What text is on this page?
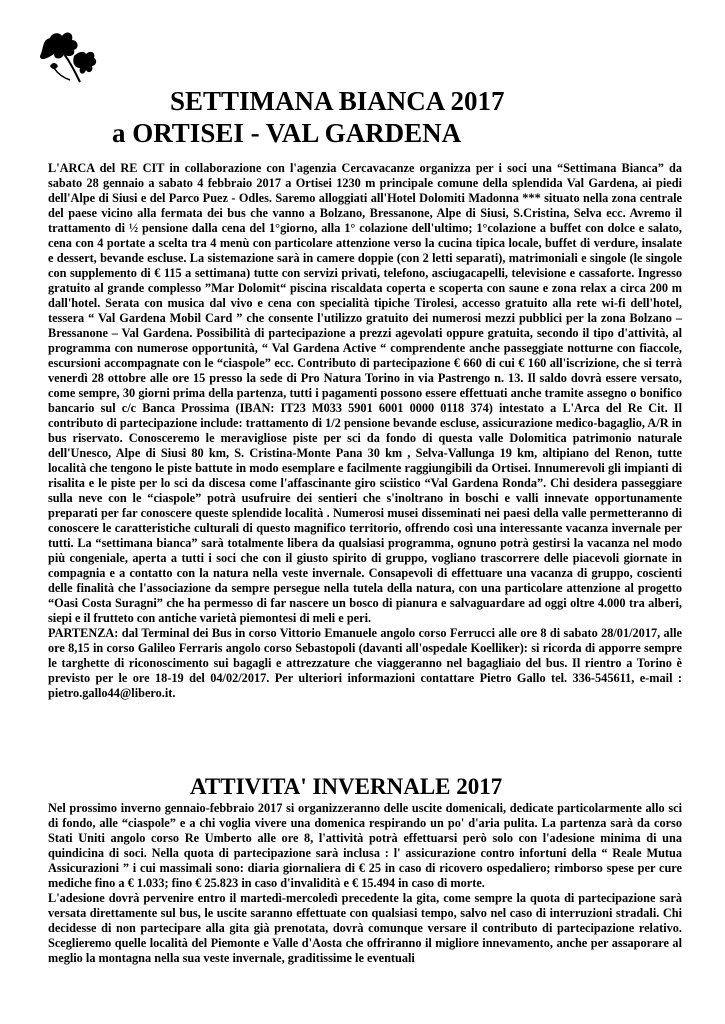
SETTIMANA BIANCA 2017
a ORTISEI - VAL GARDENA

L'ARCA del RE CIT in collaborazione con l'agenzia Cercavacanze organizza per i soci una “Settimana Bianca” da sabato 28 gennaio a sabato 4 febbraio 2017 a Ortisei 1230 m principale comune della splendida Val Gardena, ai piedi dell'Alpe di Siusi e del Parco Puez - Odles. Saremo alloggiati all'Hotel Dolomiti Madonna *** situato nella zona centrale del paese vicino alla fermata dei bus che vanno a Bolzano, Bressanone, Alpe di Siusi, S.Cristina, Selva ecc. Avremo il trattamento di ½ pensione dalla cena del 1°giorno, alla 1° colazione dell'ultimo; 1°colazione a buffet con dolce e salato, cena con 4 portate a scelta tra 4 menù con particolare attenzione verso la cucina tipica locale, buffet di verdure, insalate e dessert, bevande escluse. La sistemazione sarà in camere doppie (con 2 letti separati), matrimoniali e singole (le singole con supplemento di € 115 a settimana) tutte con servizi privati, telefono, asciugacapelli, televisione e cassaforte. Ingresso gratuito al grande complesso ”Mar Dolomit“ piscina riscaldata coperta e scoperta con saune e zona relax a circa 200 m dall'hotel. Serata con musica dal vivo e cena con specialità tipiche Tirolesi, accesso gratuito alla rete wi-fi dell'hotel, tessera “ Val Gardena Mobil Card ” che consente l'utilizzo gratuito dei numerosi mezzi pubblici per la zona Bolzano – Bressanone – Val Gardena. Possibilità di partecipazione a prezzi agevolati oppure gratuita, secondo il tipo d'attività, al programma con numerose opportunità, “ Val Gardena Active “ comprendente anche passeggiate notturne con fiaccole, escursioni accompagnate con le “ciaspole” ecc. Contributo di partecipazione € 660 di cui € 160 all'iscrizione, che si terrà venerdì 28 ottobre alle ore 15 presso la sede di Pro Natura Torino in via Pastrengo n. 13. Il saldo dovrà essere versato, come sempre, 30 giorni prima della partenza, tutti i pagamenti possono essere effettuati anche tramite assegno o bonifico bancario sul c/c Banca Prossima (IBAN: IT23 M033 5901 6001 0000 0118 374) intestato a L'Arca del Re Cit. Il contributo di partecipazione include: trattamento di 1/2 pensione bevande escluse, assicurazione medico-bagaglio, A/R in bus riservato. Conosceremo le meravigliose piste per sci da fondo di questa valle Dolomitica patrimonio naturale dell'Unesco, Alpe di Siusi 80 km, S. Cristina-Monte Pana 30 km , Selva-Vallunga 19 km, altipiano del Renon, tutte località che tengono le piste battute in modo esemplare e facilmente raggiungibili da Ortisei. Innumerevoli gli impianti di risalita e le piste per lo sci da discesa come l'affascinante giro sciistico “Val Gardena Ronda”. Chi desidera passeggiare sulla neve con le “ciaspole” potrà usufruire dei sentieri che s'inoltrano in boschi e valli innevate opportunamente preparati per far conoscere queste splendide località . Numerosi musei disseminati nei paesi della valle permetteranno di conoscere le caratteristiche culturali di questo magnifico territorio, offrendo così una interessante vacanza invernale per tutti. La “settimana bianca” sarà totalmente libera da qualsiasi programma, ognuno potrà gestirsi la vacanza nel modo più congeniale, aperta a tutti i soci che con il giusto spirito di gruppo, vogliano trascorrere delle piacevoli giornate in compagnia e a contatto con la natura nella veste invernale. Consapevoli di effettuare una vacanza di gruppo, coscienti delle finalità che l'associazione da sempre persegue nella tutela della natura, con una particolare attenzione al progetto “Oasi Costa Suragni” che ha permesso di far nascere un bosco di pianura e salvaguardare ad oggi oltre 4.000 tra alberi, siepi e il frutteto con antiche varietà piemontesi di meli e peri.

PARTENZA: dal Terminal dei Bus in corso Vittorio Emanuele angolo corso Ferrucci alle ore 8 di sabato 28/01/2017, alle ore 8,15 in corso Galileo Ferraris angolo corso Sebastopoli (davanti all'ospedale Koelliker): si ricorda di apporre sempre le targhette di riconoscimento sui bagagli e attrezzature che viaggeranno nel bagagliaio del bus. Il rientro a Torino è previsto per le ore 18-19 del 04/02/2017. Per ulteriori informazioni contattare Pietro Gallo tel. 336-545611, e-mail : pietro.gallo44@libero.it.

ATTIVITA' INVERNALE 2017

Nel prossimo inverno gennaio-febbraio 2017 si organizzeranno delle uscite domenicali, dedicate particolarmente allo sci di fondo, alle “ciaspole” e a chi voglia vivere una domenica respirando un po' d'aria pulita. La partenza sarà da corso Stati Uniti angolo corso Re Umberto alle ore 8, l'attività potrà effettuarsi però solo con l'adesione minima di una quindicina di soci. Nella quota di partecipazione sarà inclusa : l' assicurazione contro infortuni della “ Reale Mutua Assicurazioni ” i cui massimali sono: diaria giornaliera di € 25 in caso di ricovero ospedaliero; rimborso spese per cure mediche fino a € 1.033; fino € 25.823 in caso d'invalidità e € 15.494 in caso di morte.

L'adesione dovrà pervenire entro il martedì-mercoledì precedente la gita, come sempre la quota di partecipazione sarà versata direttamente sul bus, le uscite saranno effettuate con qualsiasi tempo, salvo nel caso di interruzioni stradali. Chi decidesse di non partecipare alla gita già prenotata, dovrà comunque versare il contributo di partecipazione relativo. Sceglieremo quelle località del Piemonte e Valle d'Aosta che offriranno il migliore innevamento, anche per assaporare al meglio la montagna nella sua veste invernale, graditissime le eventuali
